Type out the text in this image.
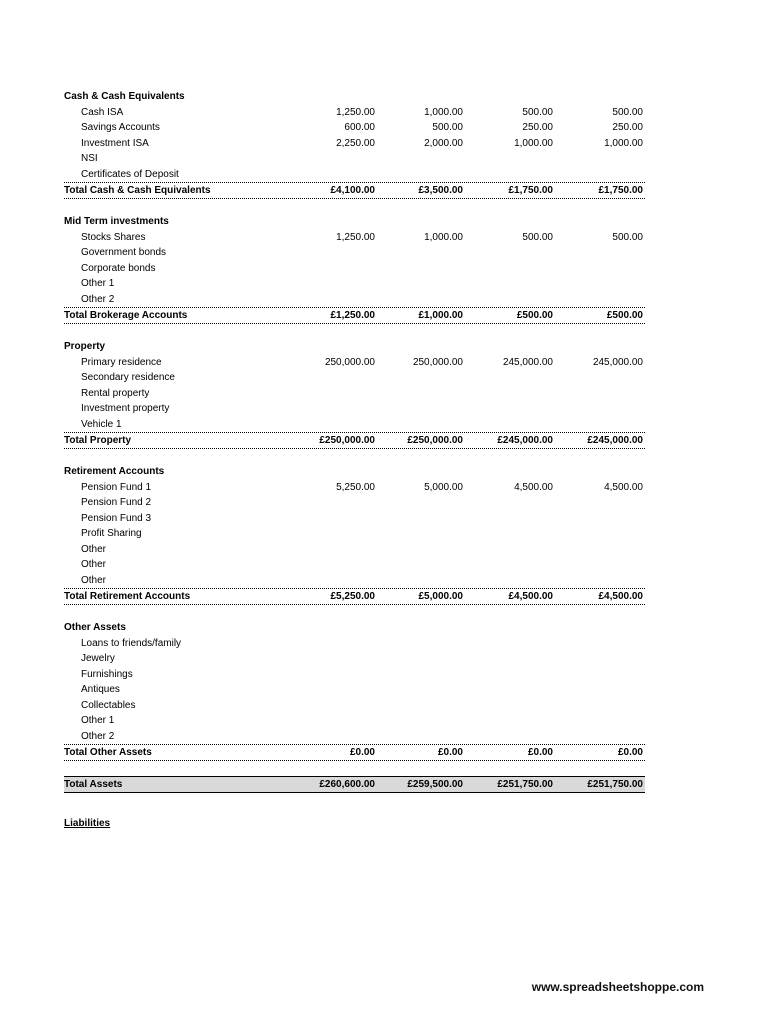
Cash & Cash Equivalents
Cash ISA	1,250.00	1,000.00	500.00	500.00
Savings Accounts	600.00	500.00	250.00	250.00
Investment ISA	2,250.00	2,000.00	1,000.00	1,000.00
NSI
Certificates of Deposit
Total Cash & Cash Equivalents	£4,100.00	£3,500.00	£1,750.00	£1,750.00
Mid Term investments
Stocks Shares	1,250.00	1,000.00	500.00	500.00
Government bonds
Corporate bonds
Other 1
Other 2
Total Brokerage Accounts	£1,250.00	£1,000.00	£500.00	£500.00
Property
Primary residence	250,000.00	250,000.00	245,000.00	245,000.00
Secondary residence
Rental property
Investment property
Vehicle 1
Total Property	£250,000.00	£250,000.00	£245,000.00	£245,000.00
Retirement Accounts
Pension Fund 1	5,250.00	5,000.00	4,500.00	4,500.00
Pension Fund 2
Pension Fund 3
Profit Sharing
Other
Other
Other
Total Retirement Accounts	£5,250.00	£5,000.00	£4,500.00	£4,500.00
Other Assets
Loans to friends/family
Jewelry
Furnishings
Antiques
Collectables
Other 1
Other 2
Total Other Assets	£0.00	£0.00	£0.00	£0.00
Total Assets	£260,600.00	£259,500.00	£251,750.00	£251,750.00
Liabilities
www.spreadsheetshoppe.com
